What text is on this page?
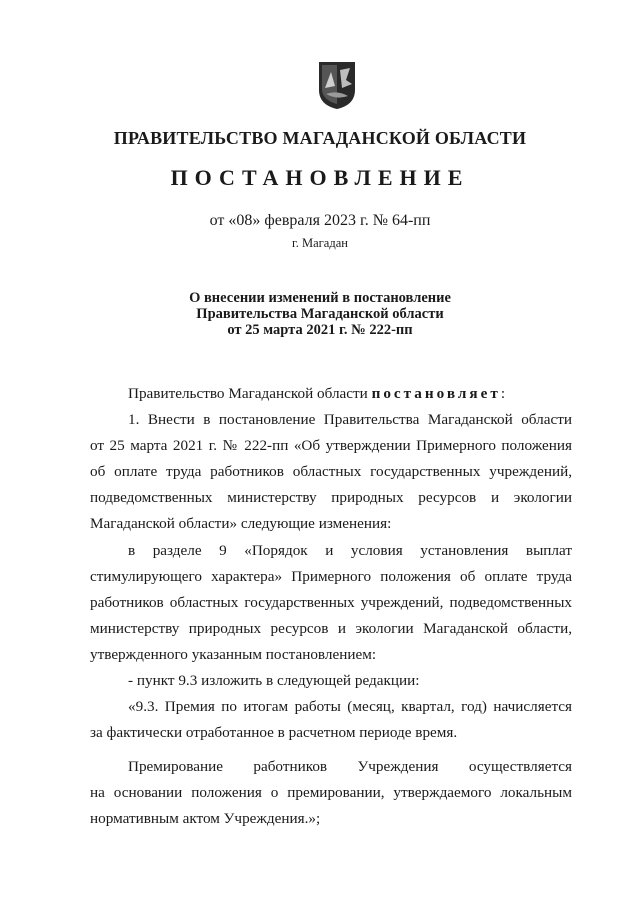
ПРАВИТЕЛЬСТВО МАГАДАНСКОЙ ОБЛАСТИ
ПОСТАНОВЛЕНИЕ
от «08» февраля 2023 г. № 64-пп
г. Магадан
О внесении изменений в постановление
Правительства Магаданской области
от 25 марта 2021 г. № 222-пп
Правительство Магаданской области постановляет:
1. Внести в постановление Правительства Магаданской области
от 25 марта 2021 г. № 222-пп «Об утверждении Примерного положения
об оплате труда работников областных государственных учреждений,
подведомственных министерству природных ресурсов и экологии
Магаданской области» следующие изменения:
в разделе 9 «Порядок и условия установления выплат
стимулирующего характера» Примерного положения об оплате труда
работников областных государственных учреждений, подведомственных
министерству природных ресурсов и экологии Магаданской области,
утвержденного указанным постановлением:
- пункт 9.3 изложить в следующей редакции:
«9.3. Премия по итогам работы (месяц, квартал, год) начисляется
за фактически отработанное в расчетном периоде время.
Премирование работников Учреждения осуществляется
на основании положения о премировании, утверждаемого локальным
нормативным актом Учреждения.»;
